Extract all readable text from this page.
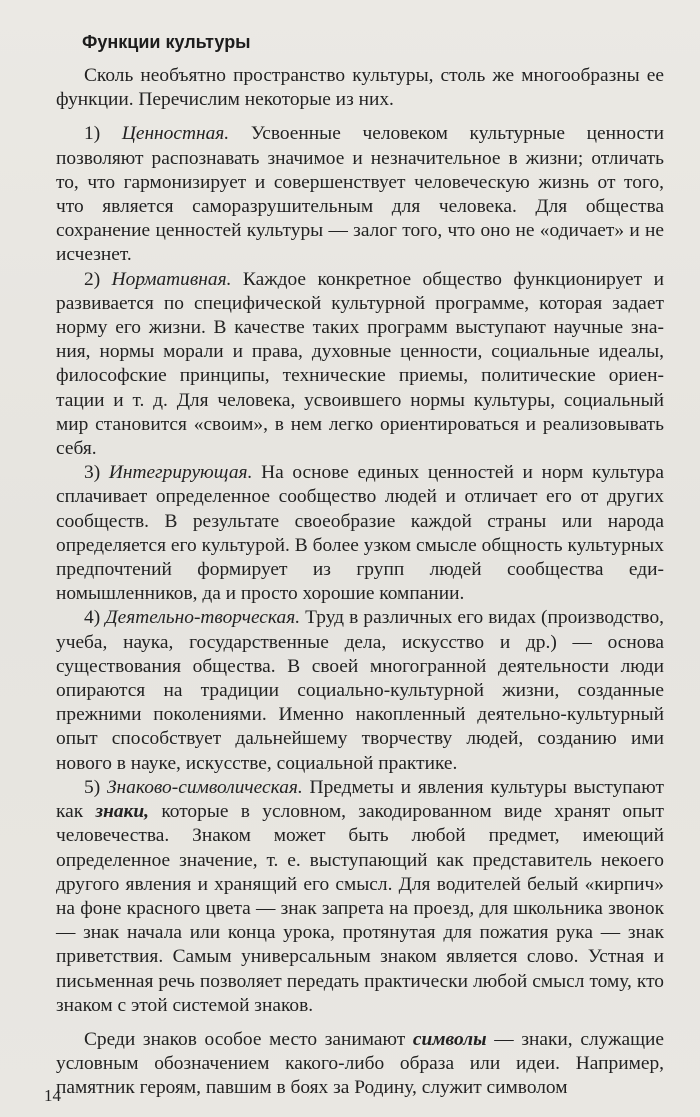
Функции культуры

Сколь необъятно пространство культуры, столь же многообразны ее функции. Перечислим некоторые из них.

1) Ценностная. Усвоенные человеком культурные ценности позволяют распознавать значимое и незначительное в жизни; отличать то, что гармонизирует и совершенствует человеческую жизнь от того, что является саморазрушительным для человека. Для общества сохранение ценностей культуры — залог того, что оно не «одичает» и не исчезнет.

2) Нормативная. Каждое конкретное общество функционирует и развивается по специфической культурной программе, которая задает норму его жизни. В качестве таких программ выступают научные знания, нормы морали и права, духовные ценности, социальные идеалы, философские принципы, технические приемы, политические ориентации и т. д. Для человека, усвоившего нормы культуры, социальный мир становится «своим», в нем легко ориентироваться и реализовывать себя.

3) Интегрирующая. На основе единых ценностей и норм культура сплачивает определенное сообщество людей и отличает его от других сообществ. В результате своеобразие каждой страны или народа определяется его культурой. В более узком смысле общность культурных предпочтений формирует из групп людей сообщества единомышленников, да и просто хорошие компании.

4) Деятельно-творческая. Труд в различных его видах (производство, учеба, наука, государственные дела, искусство и др.) — основа существования общества. В своей многогранной деятельности люди опираются на традиции социально-культурной жизни, созданные прежними поколениями. Именно накопленный деятельно-культурный опыт способствует дальнейшему творчеству людей, созданию ими нового в науке, искусстве, социальной практике.

5) Знаково-символическая. Предметы и явления культуры выступают как знаки, которые в условном, закодированном виде хранят опыт человечества. Знаком может быть любой предмет, имеющий определенное значение, т. е. выступающий как представитель некоего другого явления и хранящий его смысл. Для водителей белый «кирпич» на фоне красного цвета — знак запрета на проезд, для школьника звонок — знак начала или конца урока, протянутая для пожатия рука — знак приветствия. Самым универсальным знаком является слово. Устная и письменная речь позволяет передать практически любой смысл тому, кто знаком с этой системой знаков.

Среди знаков особое место занимают символы — знаки, служащие условным обозначением какого-либо образа или идеи. Например, памятник героям, павшим в боях за Родину, служит символом

14
